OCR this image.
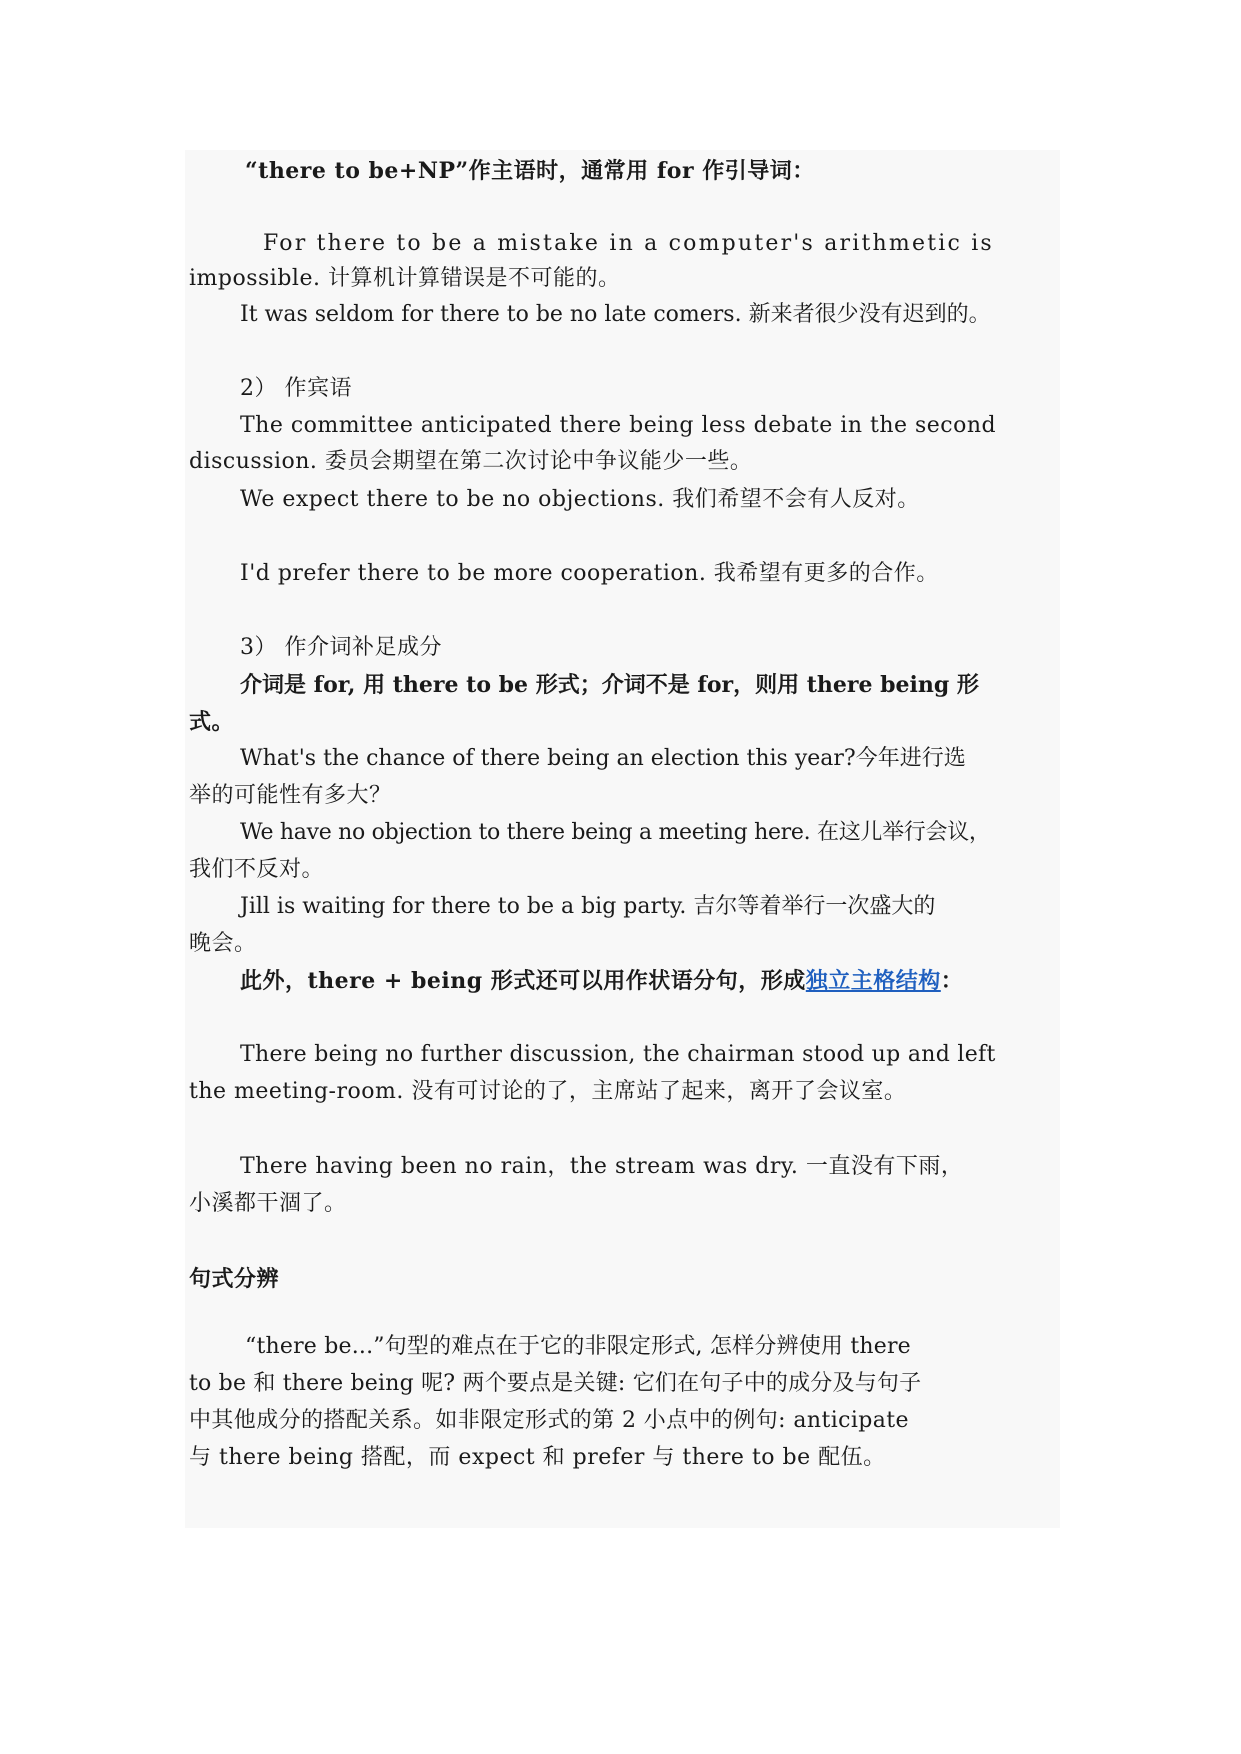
“there to be+NP”作主语时，通常用 for 作引导词：
For there to be a mistake in a computer's arithmetic is
impossible. 计算机计算错误是不可能的。
It was seldom for there to be no late comers. 新来者很少没有迟到的。
2） 作宾语
The committee anticipated there being less debate in the second
discussion. 委员会期望在第二次讨论中争议能少一些。
We expect there to be no objections. 我们希望不会有人反对。
I'd prefer there to be more cooperation. 我希望有更多的合作。
3） 作介词补足成分
介词是 for, 用 there to be 形式；介词不是 for，则用 there being 形
式。
What's the chance of there being an election this year?今年进行选
举的可能性有多大？
We have no objection to there being a meeting here. 在这儿举行会议，
我们不反对。
Jill is waiting for there to be a big party. 吉尔等着举行一次盛大的
晚会。
此外，there + being 形式还可以用作状语分句，形成独立主格结构：
There being no further discussion, the chairman stood up and left
the meeting-room. 没有可讨论的了，主席站了起来，离开了会议室。
There having been no rain，the stream was dry. 一直没有下雨，
小溪都干涸了。
句式分辨
“there be...”句型的难点在于它的非限定形式, 怎样分辨使用 there
to be 和 there being 呢? 两个要点是关键: 它们在句子中的成分及与句子
中其他成分的搭配关系。如非限定形式的第 2 小点中的例句: anticipate
与 there being 搭配，而 expect 和 prefer 与 there to be 配伍。
